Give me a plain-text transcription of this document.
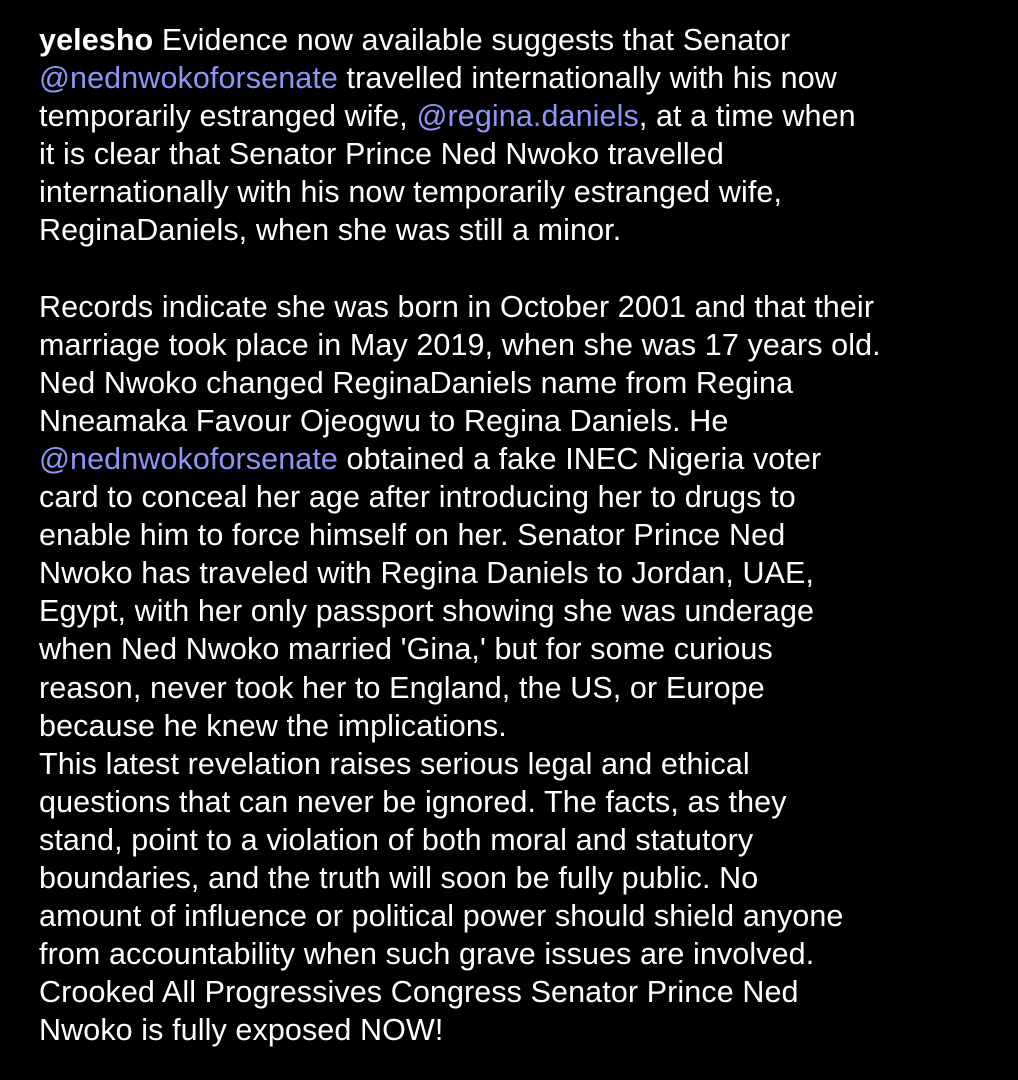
yelesho Evidence now available suggests that Senator
@nednwokoforsenate travelled internationally with his now
temporarily estranged wife, @regina.daniels, at a time when
it is clear that Senator Prince Ned Nwoko travelled
internationally with his now temporarily estranged wife,
ReginaDaniels, when she was still a minor.
Records indicate she was born in October 2001 and that their
marriage took place in May 2019, when she was 17 years old.
Ned Nwoko changed ReginaDaniels name from Regina
Nneamaka Favour Ojeogwu to Regina Daniels. He
@nednwokoforsenate obtained a fake INEC Nigeria voter
card to conceal her age after introducing her to drugs to
enable him to force himself on her. Senator Prince Ned
Nwoko has traveled with Regina Daniels to Jordan, UAE,
Egypt, with her only passport showing she was underage
when Ned Nwoko married 'Gina,' but for some curious
reason, never took her to England, the US, or Europe
because he knew the implications.
This latest revelation raises serious legal and ethical
questions that can never be ignored. The facts, as they
stand, point to a violation of both moral and statutory
boundaries, and the truth will soon be fully public. No
amount of influence or political power should shield anyone
from accountability when such grave issues are involved.
Crooked All Progressives Congress Senator Prince Ned
Nwoko is fully exposed NOW!
